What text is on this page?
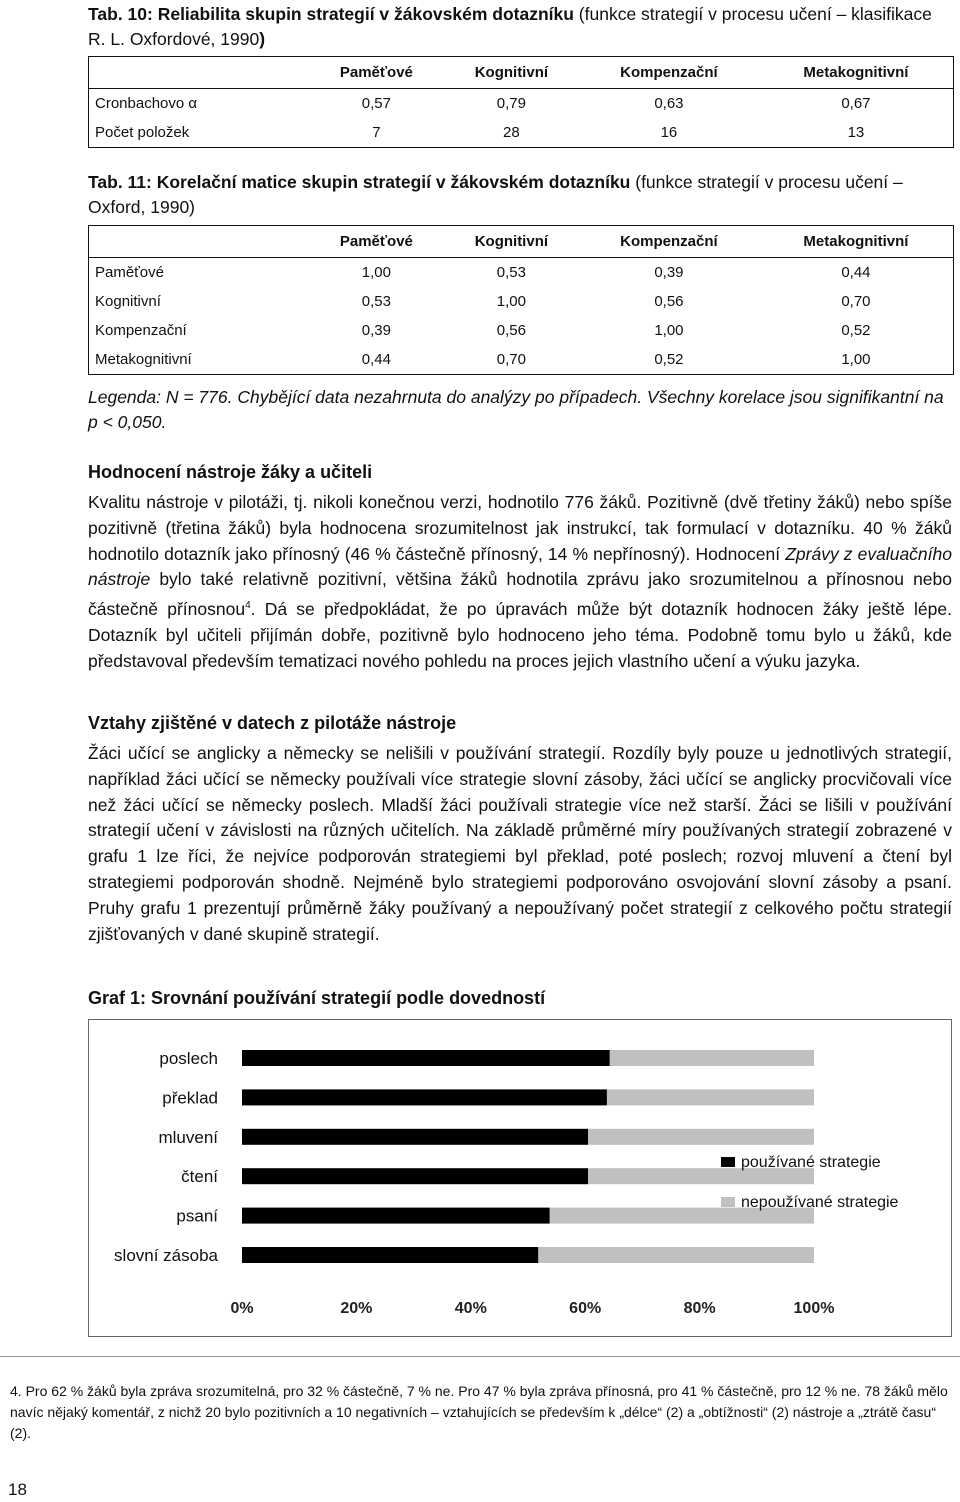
Tab. 10: Reliabilita skupin strategií v žákovském dotazníku (funkce strategií v procesu učení – klasifikace R. L. Oxfordové, 1990)
	Paměťové	Kognitivní	Kompenzační	Metakognitivní
Cronbachovo α	0,57	0,79	0,63	0,67
Počet položek	7	28	16	13
Tab. 11: Korelační matice skupin strategií v žákovském dotazníku (funkce strategií v procesu učení – Oxford, 1990)
	Paměťové	Kognitivní	Kompenzační	Metakognitivní
Paměťové	1,00	0,53	0,39	0,44
Kognitivní	0,53	1,00	0,56	0,70
Kompenzační	0,39	0,56	1,00	0,52
Metakognitivní	0,44	0,70	0,52	1,00
Legenda: N = 776. Chybějící data nezahrnuta do analýzy po případech. Všechny korelace jsou signifikantní na p < 0,050.
Hodnocení nástroje žáky a učiteli
Kvalitu nástroje v pilotáži, tj. nikoli konečnou verzi, hodnotilo 776 žáků. Pozitivně (dvě třetiny žáků) nebo spíše pozitivně (třetina žáků) byla hodnocena srozumitelnost jak instrukcí, tak formulací v dotazníku. 40 % žáků hodnotilo dotazník jako přínosný (46 % částečně přínosný, 14 % nepřínosný). Hodnocení Zprávy z evaluačního nástroje bylo také relativně pozitivní, většina žáků hodnotila zprávu jako srozumitelnou a přínosnou nebo částečně přínosnou$^4$. Dá se předpokládat, že po úpravách může být dotazník hodnocen žáky ještě lépe. Dotazník byl učiteli přijímán dobře, pozitivně bylo hodnoceno jeho téma. Podobně tomu bylo u žáků, kde představoval především tematizaci nového pohledu na proces jejich vlastního učení a výuku jazyka.
Vztahy zjištěné v datech z pilotáže nástroje
Žáci učící se anglicky a německy se nelišili v používání strategií. Rozdíly byly pouze u jednotlivých strategií, například žáci učící se německy používali více strategie slovní zásoby, žáci učící se anglicky procvičovali více než žáci učící se německy poslech. Mladší žáci používali strategie více než starší. Žáci se lišili v používání strategií učení v závislosti na různých učitelích. Na základě průměrné míry používaných strategií zobrazené v grafu 1 lze říci, že nejvíce podporován strategiemi byl překlad, poté poslech; rozvoj mluvení a čtení byl strategiemi podporován shodně. Nejméně bylo strategiemi podporováno osvojování slovní zásoby a psaní. Pruhy grafu 1 prezentují průměrně žáky používaný a nepoužívaný počet strategií z celkového počtu strategií zjišťovaných v dané skupině strategií.
Graf 1: Srovnání používání strategií podle dovedností
poslech
překlad
mluvení
čtení
psaní
slovní zásoba
0%	20%	40%	60%	80%	100%
používané strategie
nepoužívané strategie
4. Pro 62 % žáků byla zpráva srozumitelná, pro 32 % částečně, 7 % ne. Pro 47 % byla zpráva přínosná, pro 41 % částečně, pro 12 % ne. 78 žáků mělo navíc nějaký komentář, z nichž 20 bylo pozitivních a 10 negativních – vztahujících se především k „délce“ (2) a „obtížnosti“ (2) nástroje a „ztrátě času“ (2).
18
